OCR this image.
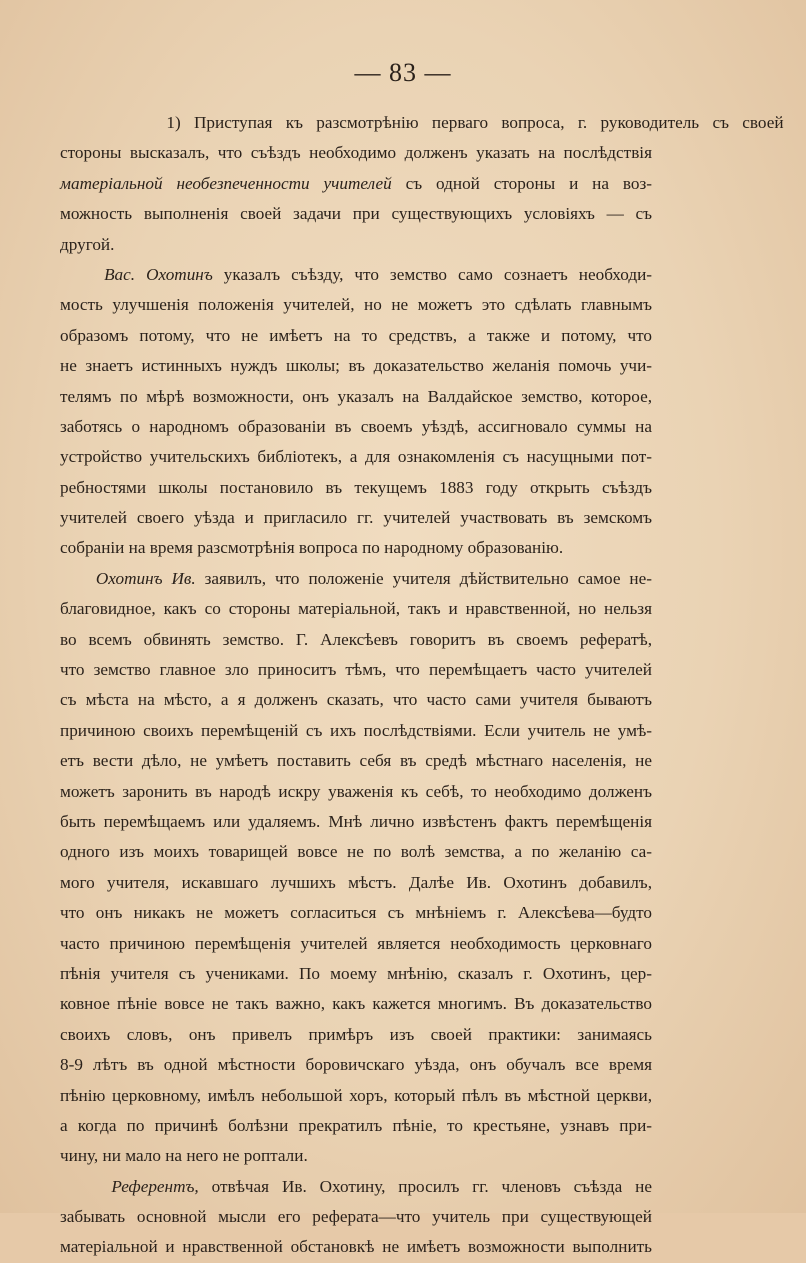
— 83 —
1) Приступая къ разсмотрѣнію перваго вопроса, г. руководитель съ своей
стороны высказалъ, что съѣздъ необходимо долженъ указать на послѣдствія
матеріальной необезпеченности учителей съ одной стороны и на воз-
можность выполненія своей задачи при существующихъ условіяхъ — съ
другой.
Вас. Охотинъ указалъ съѣзду, что земство само сознаетъ необходи-
мость улучшенія положенія учителей, но не можетъ это сдѣлать главнымъ
образомъ потому, что не имѣетъ на то средствъ, а также и потому, что
не знаетъ истинныхъ нуждъ школы; въ доказательство желанія помочь учи-
телямъ по мѣрѣ возможности, онъ указалъ на Валдайское земство, которое,
заботясь о народномъ образованіи въ своемъ уѣздѣ, ассигновало суммы на
устройство учительскихъ библіотекъ, а для ознакомленія съ насущными пот-
ребностями школы постановило въ текущемъ 1883 году открыть съѣздъ
учителей своего уѣзда и пригласило гг. учителей участвовать въ земскомъ
собраніи на время разсмотрѣнія вопроса по народному образованію.
Охотинъ Ив. заявилъ, что положеніе учителя дѣйствительно самое не-
благовидное, какъ со стороны матеріальной, такъ и нравственной, но нельзя
во всемъ обвинять земство. Г. Алексѣевъ говоритъ въ своемъ рефератѣ,
что земство главное зло приноситъ тѣмъ, что перемѣщаетъ часто учителей
съ мѣста на мѣсто, а я долженъ сказать, что часто сами учителя бываютъ
причиною своихъ перемѣщеній съ ихъ послѣдствіями. Если учитель не умѣ-
етъ вести дѣло, не умѣетъ поставить себя въ средѣ мѣстнаго населенія, не
можетъ заронить въ народѣ искру уваженія къ себѣ, то необходимо долженъ
быть перемѣщаемъ или удаляемъ. Мнѣ лично извѣстенъ фактъ перемѣщенія
одного изъ моихъ товарищей вовсе не по волѣ земства, а по желанію са-
мого учителя, искавшаго лучшихъ мѣстъ. Далѣе Ив. Охотинъ добавилъ,
что онъ никакъ не можетъ согласиться съ мнѣніемъ г. Алексѣева—будто
часто причиною перемѣщенія учителей является необходимость церковнаго
пѣнія учителя съ учениками. По моему мнѣнію, сказалъ г. Охотинъ, цер-
ковное пѣніе вовсе не такъ важно, какъ кажется многимъ. Въ доказательство
своихъ словъ, онъ привелъ примѣръ изъ своей практики: занимаясь
8-9 лѣтъ въ одной мѣстности боровичскаго уѣзда, онъ обучалъ все время
пѣнію церковному, имѣлъ небольшой хоръ, который пѣлъ въ мѣстной церкви,
а когда по причинѣ болѣзни прекратилъ пѣніе, то крестьяне, узнавъ при-
чину, ни мало на него не роптали.
Референтъ, отвѣчая Ив. Охотину, просилъ гг. членовъ съѣзда не
забывать основной мысли его реферата—что учитель при существующей
матеріальной и нравственной обстановкѣ не имѣетъ возможности выполнить
